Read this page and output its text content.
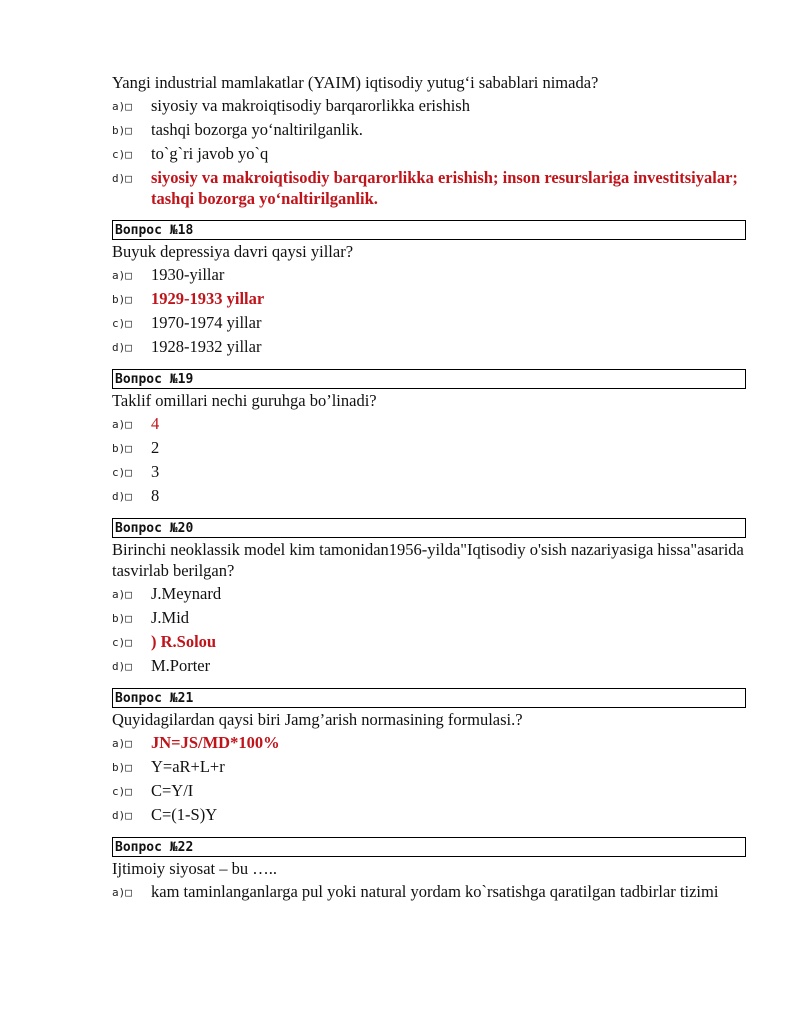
Yangi industrial mamlakatlar (YAIM) iqtisodiy yutug‘i sabablari nimada?
a)□	siyosiy va makroiqtisodiy barqarorlikka erishish
b)□	tashqi bozorga yo‘naltirilganlik.
c)□	to`g`ri javob yo`q
d)□	siyosiy va makroiqtisodiy barqarorlikka erishish; inson resurslariga investitsiyalar; tashqi bozorga yo‘naltirilganlik.
Вопрос №18
Buyuk depressiya davri qaysi yillar?
a)□	1930-yillar
b)□	1929-1933 yillar
c)□	1970-1974 yillar
d)□	1928-1932 yillar
Вопрос №19
Taklif omillari nechi guruhga bo’linadi?
a)□	4
b)□	2
c)□	3
d)□	8
Вопрос №20
Birinchi neoklassik model kim tamonidan1956-yilda"Iqtisodiy o'sish nazariyasiga hissa"asarida tasvirlab berilgan?
a)□	J.Meynard
b)□	J.Mid
c)□	) R.Solou
d)□	M.Porter
Вопрос №21
Quyidagilardan qaysi biri Jamg’arish normasining formulasi.?
a)□	JN=JS/MD*100%
b)□	Y=aR+L+r
c)□	C=Y/I
d)□	C=(1-S)Y
Вопрос №22
Ijtimoiy siyosat – bu …..
a)□	kam taminlanganlarga pul yoki natural yordam ko`rsatishga qaratilgan tadbirlar tizimi
